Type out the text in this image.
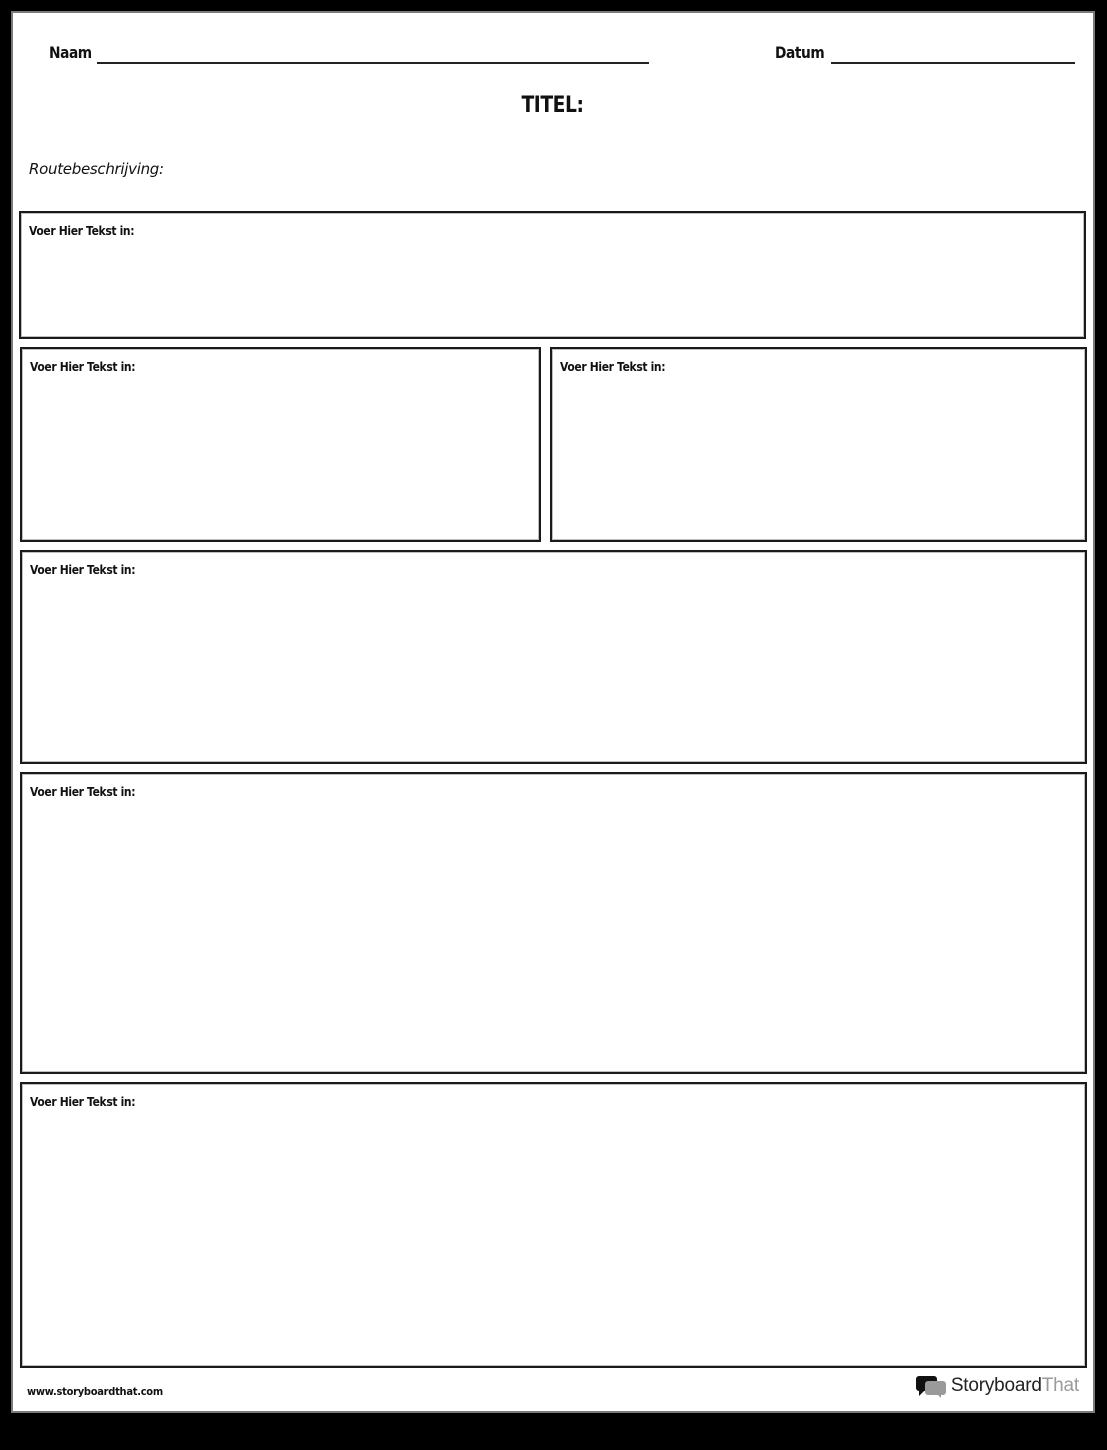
Naam	Datum
TITEL:
Routebeschrijving:
Voer Hier Tekst in:
Voer Hier Tekst in:	Voer Hier Tekst in:
Voer Hier Tekst in:
Voer Hier Tekst in:
Voer Hier Tekst in:
www.storyboardthat.com	StoryboardThat
